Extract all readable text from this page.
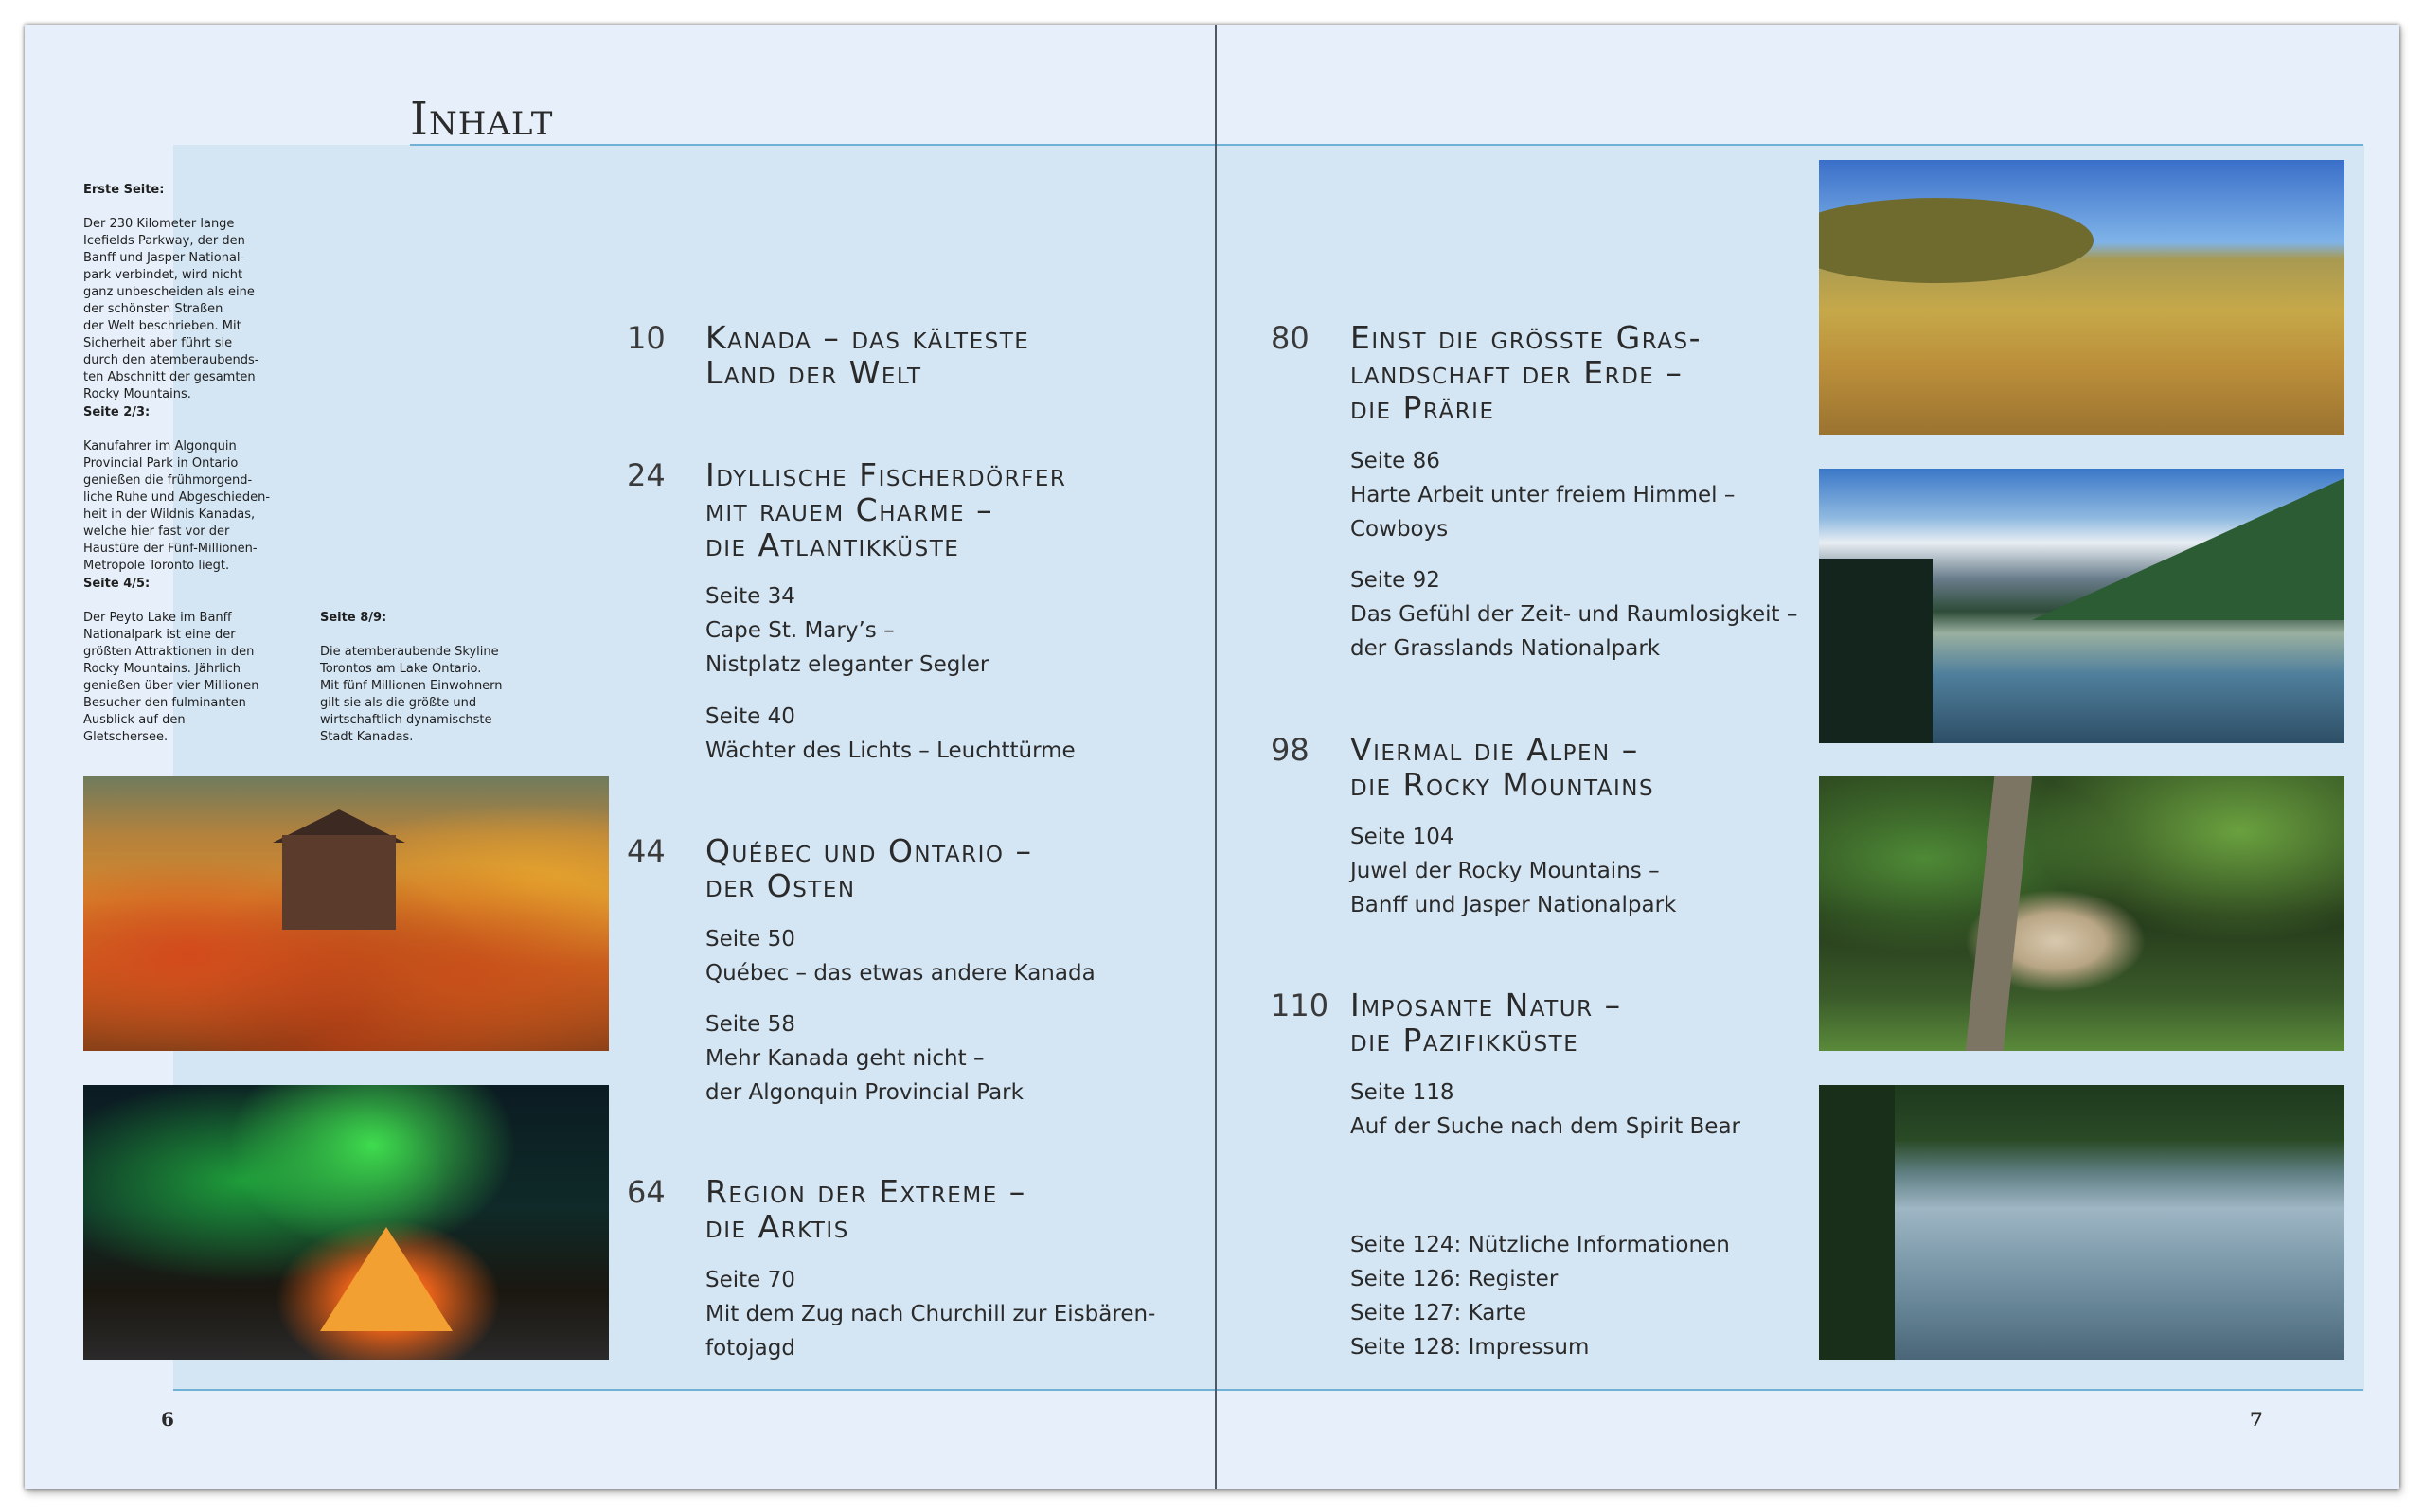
Inhalt

Erste Seite:

Der 230 Kilometer lange
Icefields Parkway, der den
Banff und Jasper National-
park verbindet, wird nicht
ganz unbescheiden als eine
der schönsten Straßen
der Welt beschrieben. Mit
Sicherheit aber führt sie
durch den atemberaubends-
ten Abschnitt der gesamten
Rocky Mountains.

Seite 2/3:

Kanufahrer im Algonquin
Provincial Park in Ontario
genießen die frühmorgend-
liche Ruhe und Abgeschieden-
heit in der Wildnis Kanadas,
welche hier fast vor der
Haustüre der Fünf-Millionen-
Metropole Toronto liegt.

Seite 4/5:

Der Peyto Lake im Banff
Nationalpark ist eine der
größten Attraktionen in den
Rocky Mountains. Jährlich
genießen über vier Millionen
Besucher den fulminanten
Ausblick auf den
Gletschersee.

Seite 8/9:

Die atemberaubende Skyline
Torontos am Lake Ontario.
Mit fünf Millionen Einwohnern
gilt sie als die größte und
wirtschaftlich dynamischste
Stadt Kanadas.

10 Kanada – das kälteste
Land der Welt
24 Idyllische Fischerdörfer
mit rauem Charme –
die Atlantikküste
Seite 34
Cape St. Mary’s –
Nistplatz eleganter Segler
Seite 40
Wächter des Lichts – Leuchttürme
44 Québec und Ontario –
der Osten
Seite 50
Québec – das etwas andere Kanada
Seite 58
Mehr Kanada geht nicht –
der Algonquin Provincial Park
64 Region der Extreme –
die Arktis
Seite 70
Mit dem Zug nach Churchill zur Eisbären-
fotojagd
80 Einst die grösste Gras-
landschaft der Erde –
die Prärie
Seite 86
Harte Arbeit unter freiem Himmel –
Cowboys
Seite 92
Das Gefühl der Zeit- und Raumlosigkeit –
der Grasslands Nationalpark
98 Viermal die Alpen –
die Rocky Mountains
Seite 104
Juwel der Rocky Mountains –
Banff und Jasper Nationalpark
110 Imposante Natur –
die Pazifikküste
Seite 118
Auf der Suche nach dem Spirit Bear
Seite 124: Nützliche Informationen
Seite 126: Register
Seite 127: Karte
Seite 128: Impressum
6	7
